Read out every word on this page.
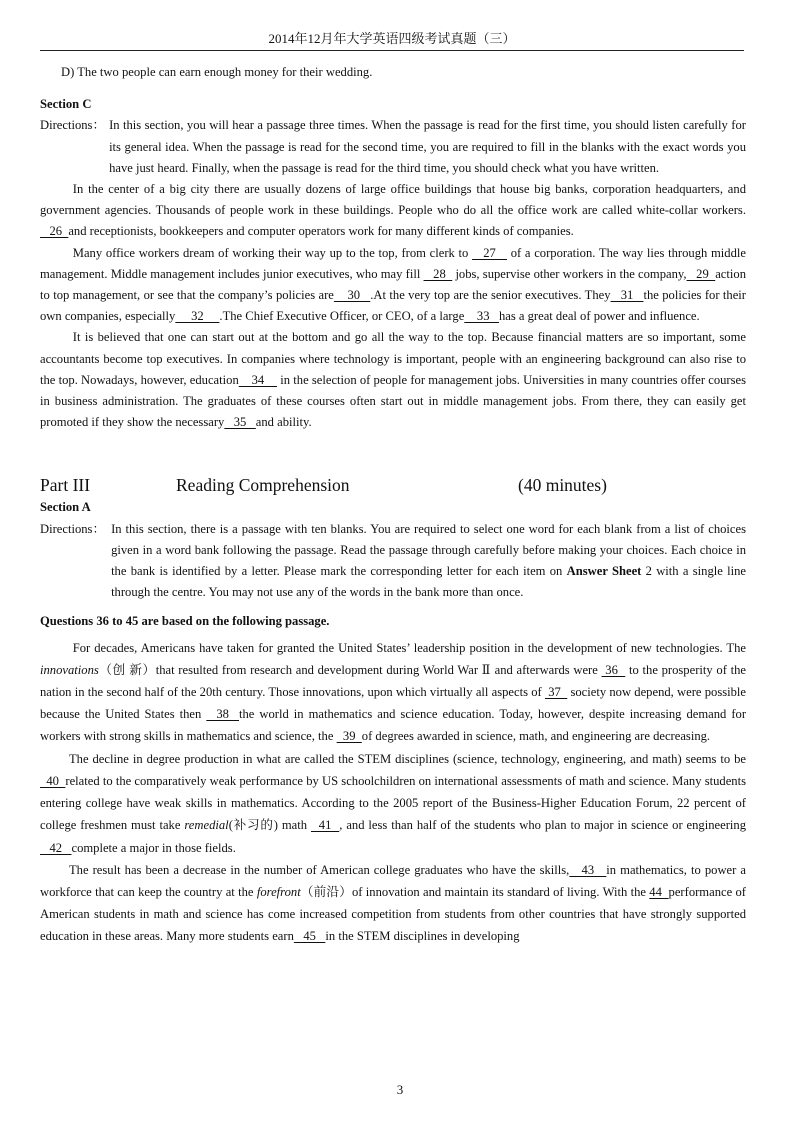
2014年12月年大学英语四级考试真题（三）

D) The two people can earn enough money for their wedding.

Section C

Directions： In this section, you will hear a passage three times. When the passage is read for the first time, you should listen carefully for its general idea. When the passage is read for the second time, you are required to fill in the blanks with the exact words you have just heard. Finally, when the passage is read for the third time, you should check what you have written.

In the center of a big city there are usually dozens of large office buildings that house big banks, corporation headquarters, and government agencies. Thousands of people work in these buildings. People who do all the office work are called white-collar workers.   26  and receptionists, bookkeepers and computer operators work for many different kinds of companies.

Many office workers dream of working their way up to the top, from clerk to    27    of a corporation. The way lies through middle management. Middle management includes junior executives, who may fill    28   jobs, supervise other workers in the company,   29  action to top management, or see that the company’s policies are    30   .At the very top are the senior executives. They   31   the policies for their own companies, especially     32     .The Chief Executive Officer, or CEO, of a large    33   has a great deal of power and influence.

It is believed that one can start out at the bottom and go all the way to the top. Because financial matters are so important, some accountants become top executives. In companies where technology is important, people with an engineering background can also rise to the top. Nowadays, however, education    34     in the selection of people for management jobs. Universities in many countries offer courses in business administration. The graduates of these courses often start out in middle management jobs. From there, they can easily get promoted if they show the necessary   35   and ability.

Part III	Reading Comprehension	(40 minutes)

Section A

Directions： In this section, there is a passage with ten blanks. You are required to select one word for each blank from a list of choices given in a word bank following the passage. Read the passage through carefully before making your choices. Each choice in the bank is identified by a letter. Please mark the corresponding letter for each item on Answer Sheet 2 with a single line through the centre. You may not use any of the words in the bank more than once.

Questions 36 to 45 are based on the following passage.

For decades, Americans have taken for granted the United States’ leadership position in the development of new technologies. The innovations（创 新）that resulted from research and development during World War Ⅱ and afterwards were  36   to the prosperity of the nation in the second half of the 20th century. Those innovations, upon which virtually all aspects of  37   society now depend, were possible because the United States then   38  the world in mathematics and science education. Today, however, despite increasing demand for workers with strong skills in mathematics and science, the   39  of degrees awarded in science, math, and engineering are decreasing.

The decline in degree production in what are called the STEM disciplines (science, technology, engineering, and math) seems to be   40  related to the comparatively weak performance by US schoolchildren on international assessments of math and science. Many students entering college have weak skills in mathematics. According to the 2005 report of the Business-Higher Education Forum, 22 percent of college freshmen must take remedial(补习的) math   41  , and less than half of the students who plan to major in science or engineering   42   complete a major in those fields.

The result has been a decrease in the number of American college graduates who have the skills,   43   in mathematics, to power a workforce that can keep the country at the forefront（前沿）of innovation and maintain its standard of living. With the 44  performance of American students in math and science has come increased competition from students from other countries that have strongly supported education in these areas. Many more students earn   45   in the STEM disciplines in developing

3
